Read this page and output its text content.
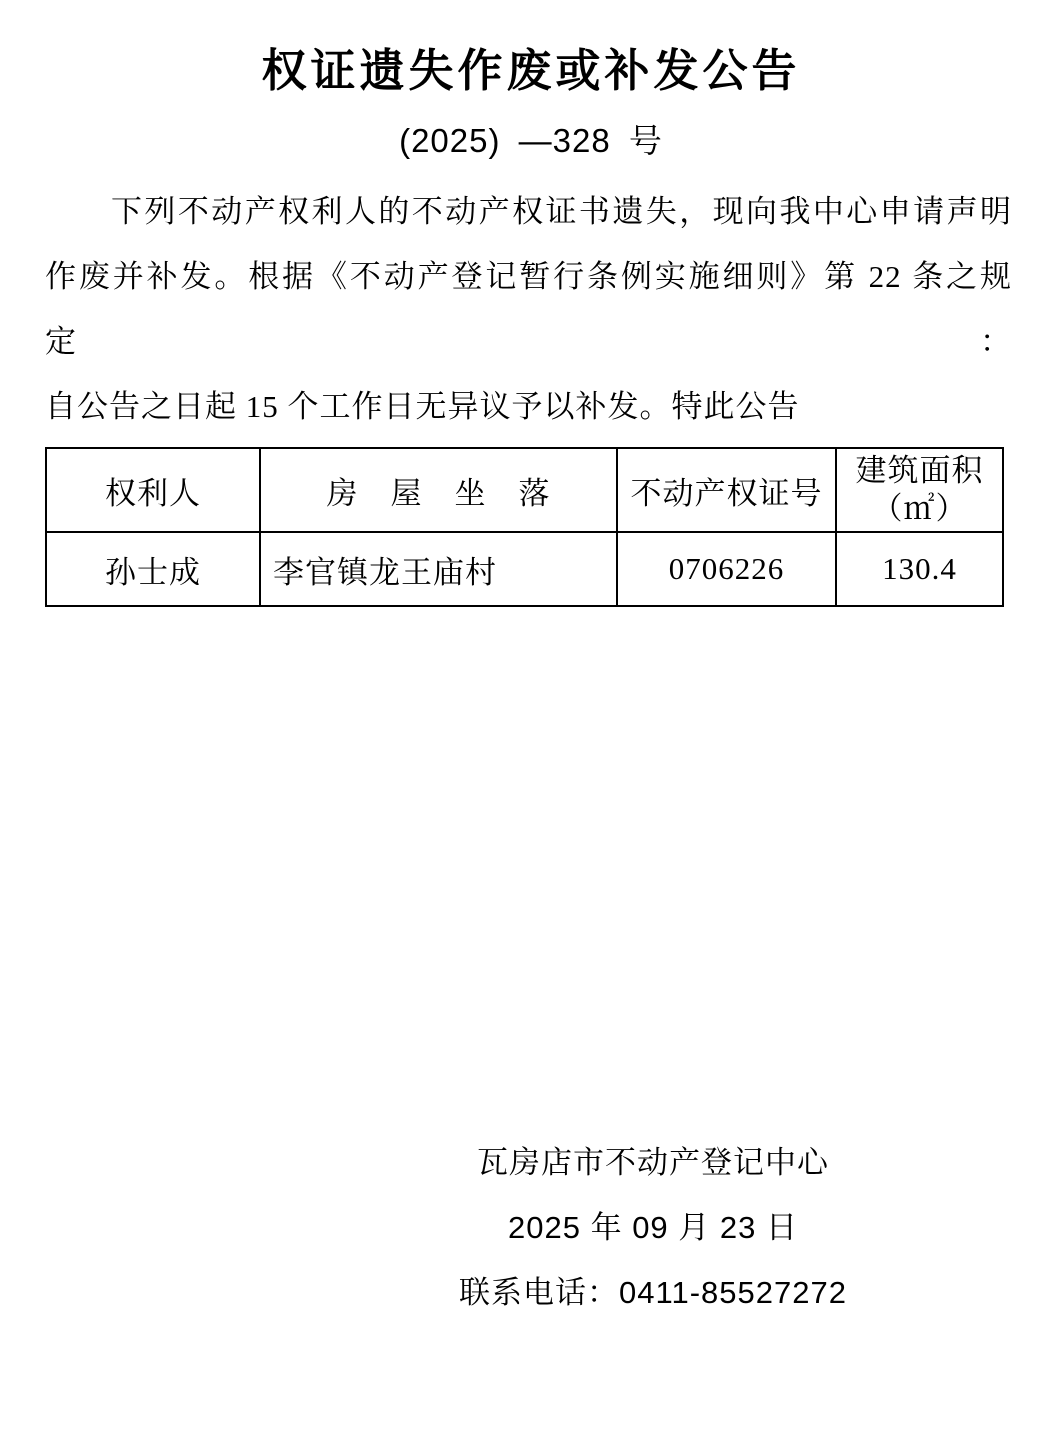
权证遗失作废或补发公告
(2025) —328 号

下列不动产权利人的不动产权证书遗失，现向我中心申请声明

作废并补发。根据《不动产登记暂行条例实施细则》第 22 条之规定：

自公告之日起 15 个工作日无异议予以补发。特此公告

权利人	房　屋　坐　落	不动产权证号	建筑面积
（㎡）
孙士成	李官镇龙王庙村	0706226	130.4
瓦房店市不动产登记中心
2025 年 09 月 23 日
联系电话：0411-85527272
